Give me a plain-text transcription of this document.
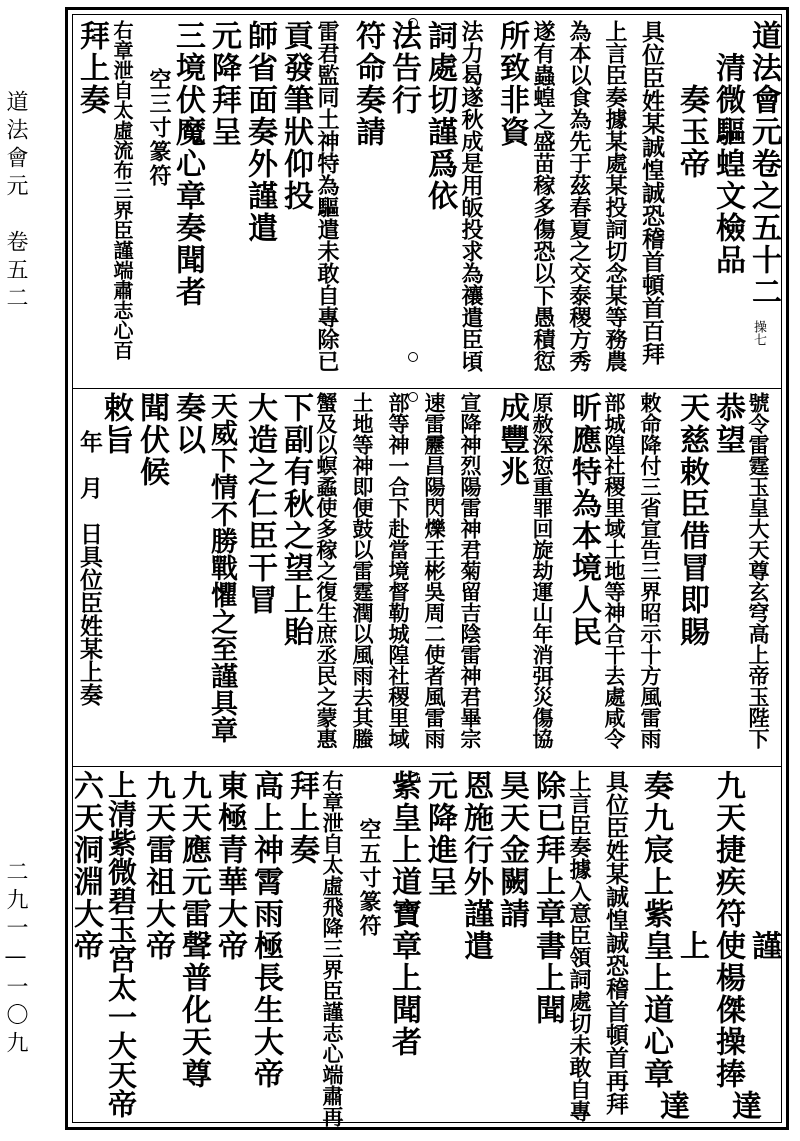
道法會元　卷五二
二九一—一〇九
道法會元卷之五十二
　清微驅蝗文檢品
　　奏玉帝
具位臣姓某誠惶誠恐稽首頓首百拜
上言臣奏據某處某投詞切念某等務農
為本以食為先于茲春夏之交泰稷方秀
遂有蟲蝗之盛苗稼多傷恐以下愚積愆
所致非資
法力曷遂秋成是用皈投求為禳遣臣頃
詞處切謹爲依
法告行
符命奏請
雷君監同土神特為驅遣未敢自專除已
貢發筆狀仰投
師省面奏外謹遣
元降拜呈
三境伏魔心章奏聞者
　　空三寸篆符
右章泄自太虛流布三界臣謹端肅志心百
拜上奏
操七
號令雷霆玉皇大天尊玄穹高上帝玉陛下
恭望
天慈敕臣借冒即賜
敕命降付三省宣告三界昭示十方風雷雨
部城隍社稷里域土地等神合干去處咸令
昕應特為本境人民
原赦深愆重罪回旋劫運山年消弭災傷協
成豐兆
宣降神烈陽雷神君菊留吉陰雷神君畢宗
速雷靂昌陽閃爍王彬吳周二使者風雷雨
部等神一合下赴當境督勒城隍社稷里域
土地等神即便鼓以雷霆潤以風雨去其螣
蟹及以螟蟊使多稼之復生庶丞民之蒙惠
下副有秋之望上貽
大造之仁臣干冒
天威下情不勝戰懼之至謹具章
奏以
聞伏候
敕旨
年　月　日具位臣姓某上奏
謹
九天捷疾符使楊傑操捧
上
奏九宸上紫皇上道心章
具位臣姓某誠惶誠恐稽首頓首再拜
上言臣奏據入意臣領詞處切未敢自專
除已拜上章書上聞
昊天金闕請
恩施行外謹遣
元降進呈
紫皇上道寶章上聞者
　　空五寸篆符
右章泄自太虛飛降三界臣謹志心端肅再
拜上奏
高上神霄雨極長生大帝
東極青華大帝
九天應元雷聲普化天尊
九天雷祖大帝
上清紫微碧玉宮太一大天帝
六天洞淵大帝
達
達
